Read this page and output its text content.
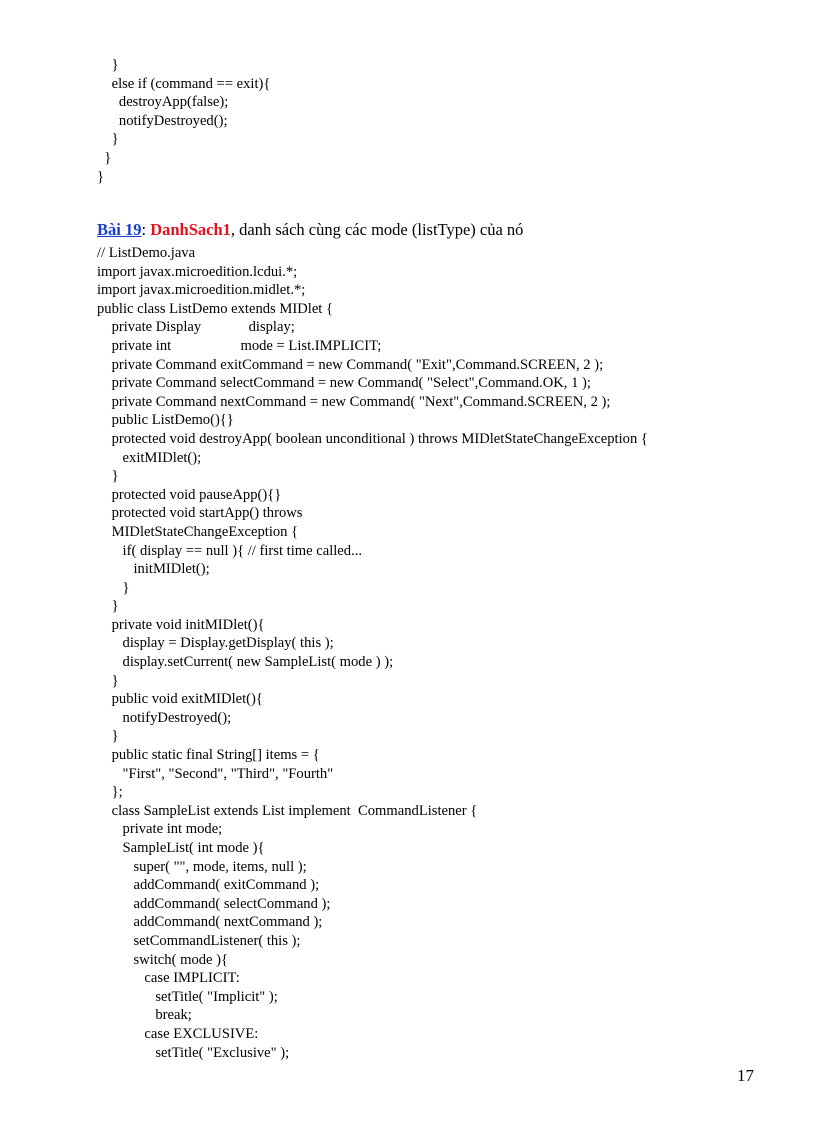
}
else if (command == exit){
destroyApp(false);
notifyDestroyed();
}
}
}
Bài 19: DanhSach1, danh sách cùng các mode (listType) của nó
// ListDemo.java
import javax.microedition.lcdui.*;
import javax.microedition.midlet.*;
public class ListDemo extends MIDlet {
private Display             display;
private int                   mode = List.IMPLICIT;
private Command exitCommand = new Command( "Exit",Command.SCREEN, 2 );
private Command selectCommand = new Command( "Select",Command.OK, 1 );
private Command nextCommand = new Command( "Next",Command.SCREEN, 2 );
public ListDemo(){}
protected void destroyApp( boolean unconditional ) throws MIDletStateChangeException {
exitMIDlet();
}
protected void pauseApp(){}
protected void startApp() throws
MIDletStateChangeException {
if( display == null ){ // first time called...
initMIDlet();
}
}
private void initMIDlet(){
display = Display.getDisplay( this );
display.setCurrent( new SampleList( mode ) );
}
public void exitMIDlet(){
notifyDestroyed();
}
public static final String[] items = {
"First", "Second", "Third", "Fourth"
};
class SampleList extends List implement  CommandListener {
private int mode;
SampleList( int mode ){
super( "", mode, items, null );
addCommand( exitCommand );
addCommand( selectCommand );
addCommand( nextCommand );
setCommandListener( this );
switch( mode ){
case IMPLICIT:
setTitle( "Implicit" );
break;
case EXCLUSIVE:
setTitle( "Exclusive" );
17
